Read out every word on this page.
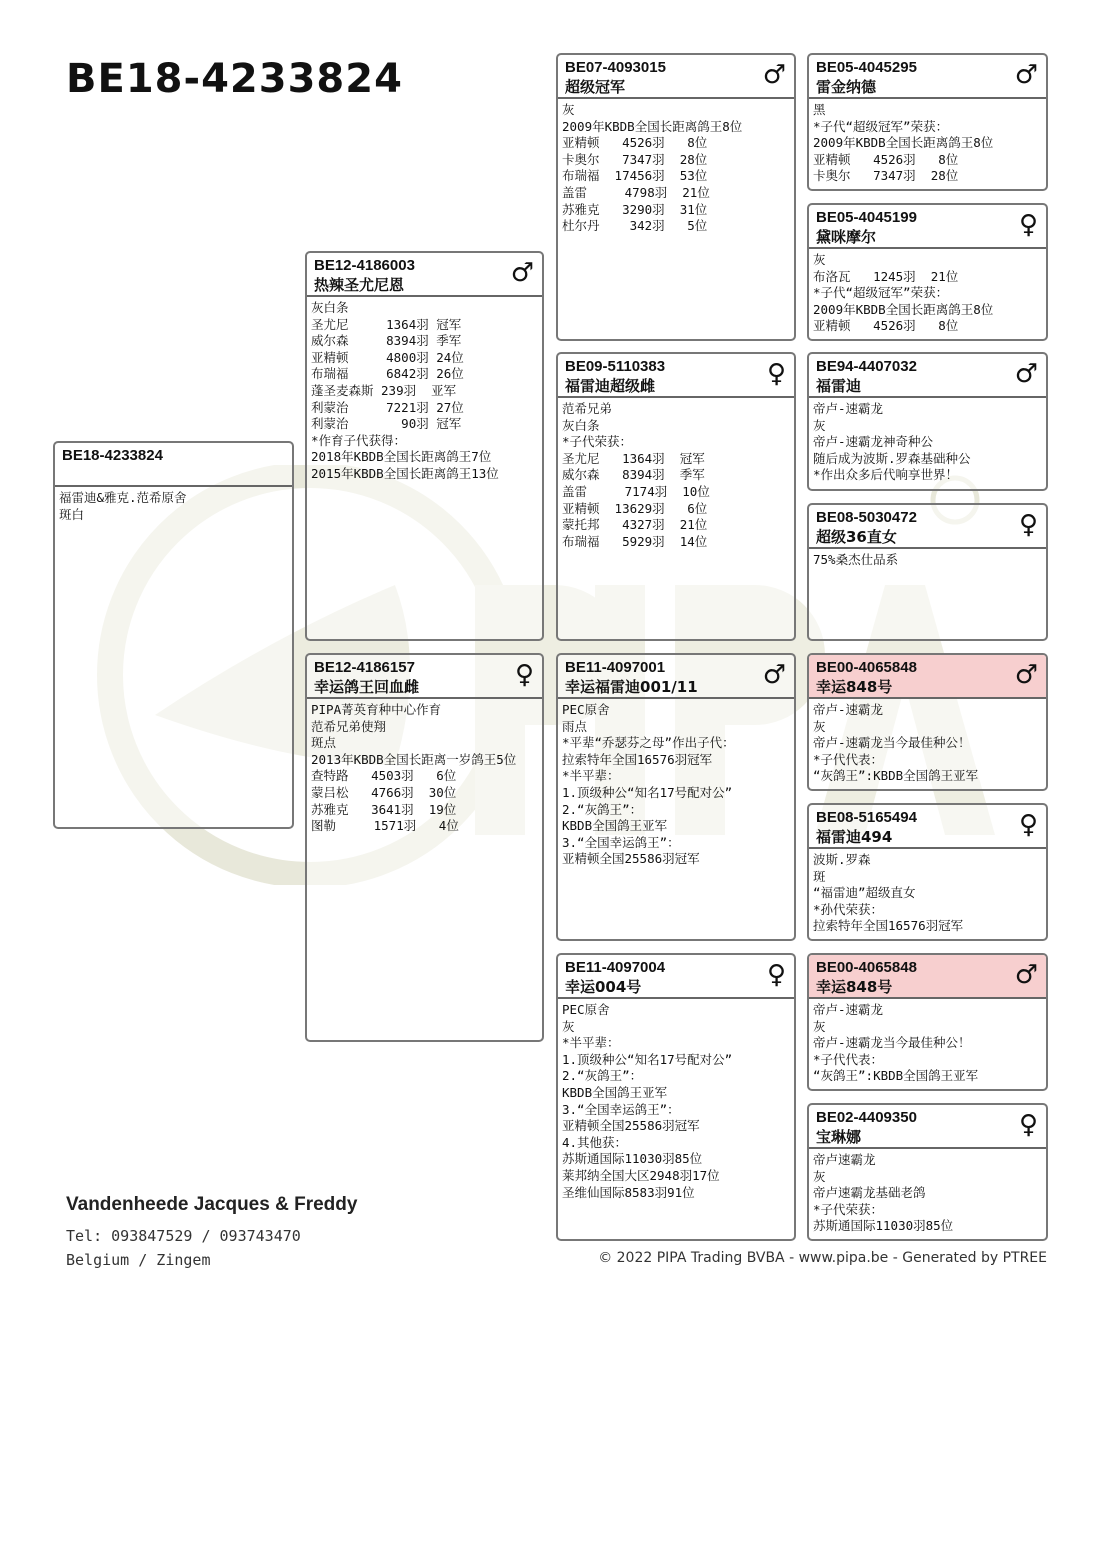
BE18-4233824
BE18-4233824
福雷迪&雅克.范希原舍
斑白
BE12-4186003
热辣圣尤尼恩	♂
灰白条
圣尤尼     1364羽 冠军
威尔森     8394羽 季军
亚精顿     4800羽 24位
布瑞福     6842羽 26位
蓬圣麦森斯 239羽  亚军
利蒙治     7221羽 27位
利蒙治       90羽 冠军
*作育子代获得：
2018年KBDB全国长距离鸽王7位
2015年KBDB全国长距离鸽王13位
BE12-4186157
幸运鸽王回血雌	♀
PIPA菁英育种中心作育
范希兄弟使翔
斑点
2013年KBDB全国长距离一岁鸽王5位
查特路   4503羽   6位
蒙吕松   4766羽  30位
苏雅克   3641羽  19位
图勒     1571羽   4位
BE07-4093015
超级冠军	♂
灰
2009年KBDB全国长距离鸽王8位
亚精顿   4526羽   8位
卡奥尔   7347羽  28位
布瑞福  17456羽  53位
盖雷     4798羽  21位
苏雅克   3290羽  31位
杜尔丹    342羽   5位
BE09-5110383
福雷迪超级雌	♀
范希兄弟
灰白条
*子代荣获：
圣尤尼   1364羽  冠军
威尔森   8394羽  季军
盖雷     7174羽  10位
亚精顿  13629羽   6位
蒙托邦   4327羽  21位
布瑞福   5929羽  14位
BE11-4097001
幸运福雷迪001/11	♂
PEC原舍
雨点
*平辈“乔瑟芬之母”作出子代：
拉索特年全国16576羽冠军
*半平辈：
1.顶级种公“知名17号配对公”
2.“灰鸽王”：
KBDB全国鸽王亚军
3.“全国幸运鸽王”：
亚精顿全国25586羽冠军
BE11-4097004
幸运004号	♀
PEC原舍
灰
*半平辈：
1.顶级种公“知名17号配对公”
2.“灰鸽王”：
KBDB全国鸽王亚军
3.“全国幸运鸽王”：
亚精顿全国25586羽冠军
4.其他获：
苏斯通国际11030羽85位
莱邦纳全国大区2948羽17位
圣维仙国际8583羽91位
BE05-4045295
雷金纳德	♂
黑
*子代“超级冠军”荣获：
2009年KBDB全国长距离鸽王8位
亚精顿   4526羽   8位
卡奥尔   7347羽  28位
BE05-4045199
黛咪摩尔	♀
灰
布洛瓦   1245羽  21位
*子代“超级冠军”荣获：
2009年KBDB全国长距离鸽王8位
亚精顿   4526羽   8位
BE94-4407032
福雷迪	♂
帝卢-速霸龙
灰
帝卢-速霸龙神奇种公
随后成为波斯.罗森基础种公
*作出众多后代响享世界！
BE08-5030472
超级36直女	♀
75%桑杰仕品系
BE00-4065848
幸运848号	♂
帝卢-速霸龙
灰
帝卢-速霸龙当今最佳种公！
*子代代表：
“灰鸽王”:KBDB全国鸽王亚军
BE08-5165494
福雷迪494	♀
波斯.罗森
斑
“福雷迪”超级直女
*孙代荣获：
拉索特年全国16576羽冠军
BE00-4065848
幸运848号	♂
帝卢-速霸龙
灰
帝卢-速霸龙当今最佳种公！
*子代代表：
“灰鸽王”:KBDB全国鸽王亚军
BE02-4409350
宝琳娜	♀
帝卢速霸龙
灰
帝卢速霸龙基础老鸽
*子代荣获：
苏斯通国际11030羽85位
Vandenheede Jacques & Freddy
Tel: 093847529 / 093743470
Belgium / Zingem	© 2022 PIPA Trading BVBA - www.pipa.be - Generated by PTREE
